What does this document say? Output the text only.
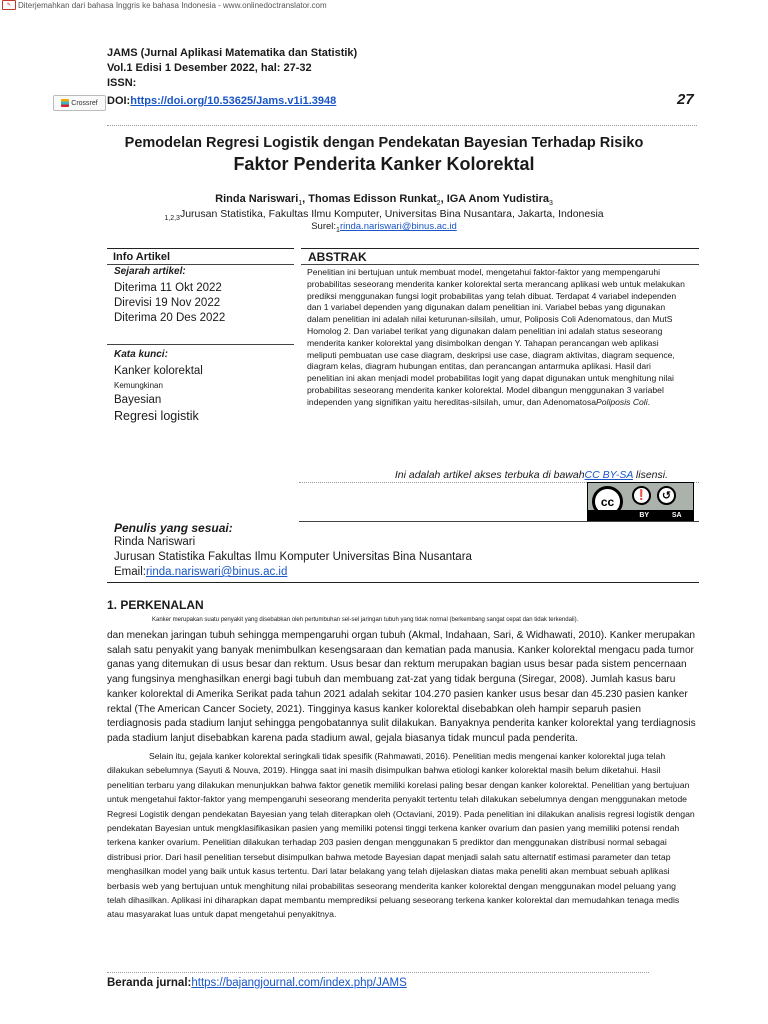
✎ Diterjemahkan dari bahasa Inggris ke bahasa Indonesia - www.onlinedoctranslator.com
JAMS (Jurnal Aplikasi Matematika dan Statistik)
Vol.1 Edisi 1 Desember 2022, hal: 27-32
ISSN:
Crossref DOI:https://doi.org/10.53625/Jams.v1i1.3948	27
Pemodelan Regresi Logistik dengan Pendekatan Bayesian Terhadap Risiko
Faktor Penderita Kanker Kolorektal
Rinda Nariswari$_1$, Thomas Edisson Runkat$_2$, IGA Anom Yudistira$_3$
$_{1,2,3}$Jurusan Statistika, Fakultas Ilmu Komputer, Universitas Bina Nusantara, Jakarta, Indonesia
$Surel:_1rinda.nariswari@binus.ac.id$
Info Artikel	ABSTRAK
Sejarah artikel:
Diterima 11 Okt 2022
Direvisi 19 Nov 2022
Diterima 20 Des 2022
Kata kunci:
Kanker kolorektal
Kemungkinan
Bayesian
Regresi logistik
Penelitian ini bertujuan untuk membuat model, mengetahui faktor-faktor yang mempengaruhi probabilitas seseorang menderita kanker kolorektal serta merancang aplikasi web untuk melakukan prediksi menggunakan fungsi logit probabilitas yang telah dibuat. Terdapat 4 variabel independen dan 1 variabel dependen yang digunakan dalam penelitian ini. Variabel bebas yang digunakan dalam penelitian ini adalah nilai keturunan-silsilah, umur, Poliposis Coli Adenomatous, dan MutS Homolog 2. Dan variabel terikat yang digunakan dalam penelitian ini adalah status seseorang menderita kanker kolorektal yang disimbolkan dengan Y. Tahapan perancangan web aplikasi meliputi pembuatan use case diagram, deskripsi use case, diagram aktivitas, diagram sequence, diagram kelas, diagram hubungan entitas, dan perancangan antarmuka aplikasi. Hasil dari penelitian ini akan menjadi model probabilitas logit yang dapat digunakan untuk menghitung nilai probabilitas seseorang menderita kanker kolorektal. Model dibangun menggunakan 3 variabel independen yang signifikan yaitu hereditas-silsilah, umur, dan AdenomatosaPoliposis Coli.
Ini adalah artikel akses terbuka di bawahCC BY-SA lisensi.
cc	❗	↺
BY	SA
Penulis yang sesuai:
Rinda Nariswari
Jurusan Statistika Fakultas Ilmu Komputer Universitas Bina Nusantara
Email:rinda.nariswari@binus.ac.id
1. PERKENALAN
Kanker merupakan suatu penyakit yang disebabkan oleh pertumbuhan sel-sel jaringan tubuh yang tidak normal (berkembang sangat cepat dan tidak terkendali).
dan menekan jaringan tubuh sehingga mempengaruhi organ tubuh (Akmal, Indahaan, Sari, & Widhawati, 2010). Kanker merupakan salah satu penyakit yang banyak menimbulkan kesengsaraan dan kematian pada manusia. Kanker kolorektal mengacu pada tumor ganas yang ditemukan di usus besar dan rektum. Usus besar dan rektum merupakan bagian usus besar pada sistem pencernaan yang fungsinya menghasilkan energi bagi tubuh dan membuang zat-zat yang tidak berguna (Siregar, 2008). Jumlah kasus baru kanker kolorektal di Amerika Serikat pada tahun 2021 adalah sekitar 104.270 pasien kanker usus besar dan 45.230 pasien kanker rektal (The American Cancer Society, 2021). Tingginya kasus kanker kolorektal disebabkan oleh hampir separuh pasien terdiagnosis pada stadium lanjut sehingga pengobatannya sulit dilakukan. Banyaknya penderita kanker kolorektal yang terdiagnosis pada stadium lanjut disebabkan karena pada stadium awal, gejala biasanya tidak muncul pada penderita.
Selain itu, gejala kanker kolorektal seringkali tidak spesifik (Rahmawati, 2016). Penelitian medis mengenai kanker kolorektal juga telah dilakukan sebelumnya (Sayuti & Nouva, 2019). Hingga saat ini masih disimpulkan bahwa etiologi kanker kolorektal masih belum diketahui. Hasil penelitian terbaru yang dilakukan menunjukkan bahwa faktor genetik memiliki korelasi paling besar dengan kanker kolorektal. Penelitian yang bertujuan untuk mengetahui faktor-faktor yang mempengaruhi seseorang menderita penyakit tertentu telah dilakukan sebelumnya dengan menggunakan metode Regresi Logistik dengan pendekatan Bayesian yang telah diterapkan oleh (Octaviani, 2019). Pada penelitian ini dilakukan analisis regresi logistik dengan pendekatan Bayesian untuk mengklasifikasikan pasien yang memiliki potensi tinggi terkena kanker ovarium dan pasien yang memiliki potensi rendah terkena kanker ovarium. Penelitian dilakukan terhadap 203 pasien dengan menggunakan 5 prediktor dan menggunakan distribusi normal sebagai distribusi prior. Dari hasil penelitian tersebut disimpulkan bahwa metode Bayesian dapat menjadi salah satu alternatif estimasi parameter dan tetap menghasilkan model yang baik untuk kasus tertentu. Dari latar belakang yang telah dijelaskan diatas maka peneliti akan membuat sebuah aplikasi berbasis web yang bertujuan untuk menghitung nilai probabilitas seseorang menderita kanker kolorektal dengan menggunakan model peluang yang telah dihasilkan. Aplikasi ini diharapkan dapat membantu memprediksi peluang seseorang terkena kanker kolorektal dan memudahkan tenaga medis atau masyarakat luas untuk dapat mengetahui penyakitnya.
Beranda jurnal:https://bajangjournal.com/index.php/JAMS
